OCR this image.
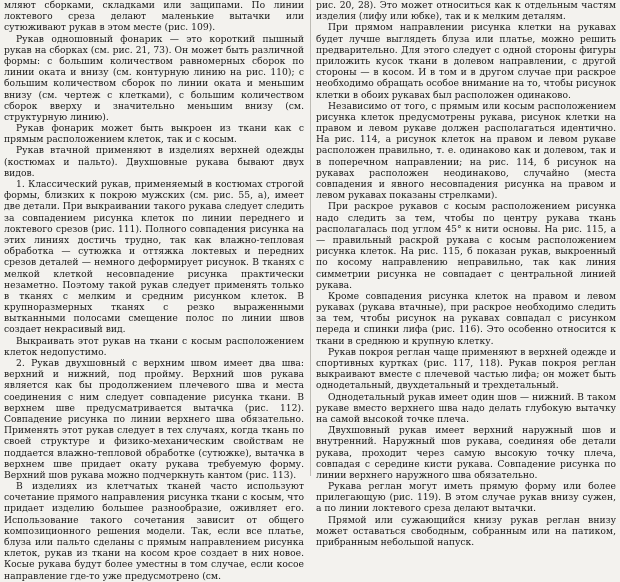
мляют сборками, складками или защипами. По линии локтевого среза делают маленькие вытачки или сутюживают рукав в этом месте (рис. 109).

Рукав одношовный фонарик — это короткий пышный рукав на сборках (см. рис. 21, 73). Он может быть различной формы: с большим количеством равномерных сборок по линии оката и внизу (см. контурную линию на рис. 110); с большим количеством сборок по линии оката и меньшим внизу (см. чертеж с клетками), с большим количеством сборок вверху и значительно меньшим внизу (см. структурную линию).

Рукав фонарик может быть выкроен из ткани как с прямым расположением клеток, так и с косым.

Рукав втачной применяют в изделиях верхней одежды (костюмах и пальто). Двухшовные рукава бывают двух видов.

1. Классический рукав, применяемый в костюмах строгой формы, близких к покрою мужских (см. рис. 55, а), имеет две детали. При выкраивании такого рукава следует следить за совпадением рисунка клеток по линии переднего и локтевого срезов (рис. 111). Полного совпадения рисунка на этих линиях достичь трудно, так как влажно-тепловая обработка — сутюжка и оттяжка локтевых и передних срезов деталей — немного деформирует рисунок. В тканях с мелкой клеткой несовпадение рисунка практически незаметно. Поэтому такой рукав следует применять только в тканях с мелким и средним рисунком клеток. В крупноразмерных тканях с резко выраженными вытканными полосами смещение полос по линии швов создает некрасивый вид.

Выкраивать этот рукав на ткани с косым расположением клеток недопустимо.

2. Рукав двухшовный с верхним швом имеет два шва: верхний и нижний, под пройму. Верхний шов рукава является как бы продолжением плечевого шва и места соединения с ним следует совпадение рисунка ткани. В верхнем шве предусматривается вытачка (рис. 112). Совпадение рисунка по линии верхнего шва обязательно. Применять этот рукав следует в тех случаях, когда ткань по своей структуре и физико-механическим свойствам не поддается влажно-тепловой обработке (сутюжке), вытачка в верхнем шве придает окату рукава требуемую форму. Верхний шов рукава можно подчеркнуть кантом (рис. 113).

В изделиях из клетчатых тканей часто используют сочетание прямого направления рисунка ткани с косым, что придает изделию большее разнообразие, оживляет его. Использование такого сочетания зависит от общего композиционного решения модели. Так, если все платье, блуза или пальто сделаны с прямым направлением рисунка клеток, рукав из ткани на косом крое создает в них новое. Косые рукава будут более уместны в том случае, если косое направление где-то уже предусмотрено (см.

рис. 20, 28). Это может относиться как к отдельным частям изделия (лифу или юбке), так и к мелким деталям.

При прямом направлении рисунка клетки на рукавах будет лучше выглядеть блуза или платье, можно решить предварительно. Для этого следует с одной стороны фигуры приложить кусок ткани в долевом направлении, с другой стороны — в косом. И в том и в другом случае при раскрое необходимо обращать особое внимание на то, чтобы рисунок клетки в обоих рукавах был расположен одинаково.

Независимо от того, с прямым или косым расположением рисунка клеток предусмотрены рукава, рисунок клетки на правом и левом рукаве должен располагаться идентично. На рис. 114, а рисунок клеток на правом и левом рукаве расположен правильно, т. е. одинаково как и долевом, так и в поперечном направлении; на рис. 114, б рисунок на рукавах расположен неодинаково, случайно (места совпадения и явного несовпадения рисунка на правом и левом рукавах показаны стрелками).

При раскрое рукавов с косым расположением рисунка надо следить за тем, чтобы по центру рукава ткань располагалась под углом 45° к нити основы. На рис. 115, а — правильный раскрой рукава с косым расположением рисунка клеток. На рис. 115, б показан рукав, выкроенный по косому направлению неправильно, так как линия симметрии рисунка не совпадает с центральной линией рукава.

Кроме совпадения рисунка клеток на правом и левом рукавах (рукава втачные), при раскрое необходимо следить за тем, чтобы рисунок на рукавах совпадал с рисунком переда и спинки лифа (рис. 116). Это особенно относится к ткани в среднюю и крупную клетку.

Рукав покроя реглан чаще применяют в верхней одежде и спортивных куртках (рис. 117, 118). Рукав покроя реглан выкраивают вместе с плечевой частью лифа; он может быть однодетальный, двухдетальный и трехдетальный.

Однодетальный рукав имеет один шов — нижний. В таком рукаве вместо верхнего шва надо делать глубокую вытачку на самой высокой точке плеча.

Двухшовный рукав имеет верхний наружный шов и внутренний. Наружный шов рукава, соединяя обе детали рукава, проходит через самую высокую точку плеча, совпадая с середине кисти рукава. Совпадение рисунка по линии верхнего наружного шва обязательно.

Рукава реглан могут иметь прямую форму или более прилегающую (рис. 119). В этом случае рукав внизу сужен, а по линии локтевого среза делают вытачки.

Прямой или сужающийся книзу рукав реглан внизу может оставаться свободным, собранным или на патиком, прибранным небольшой напуск.
